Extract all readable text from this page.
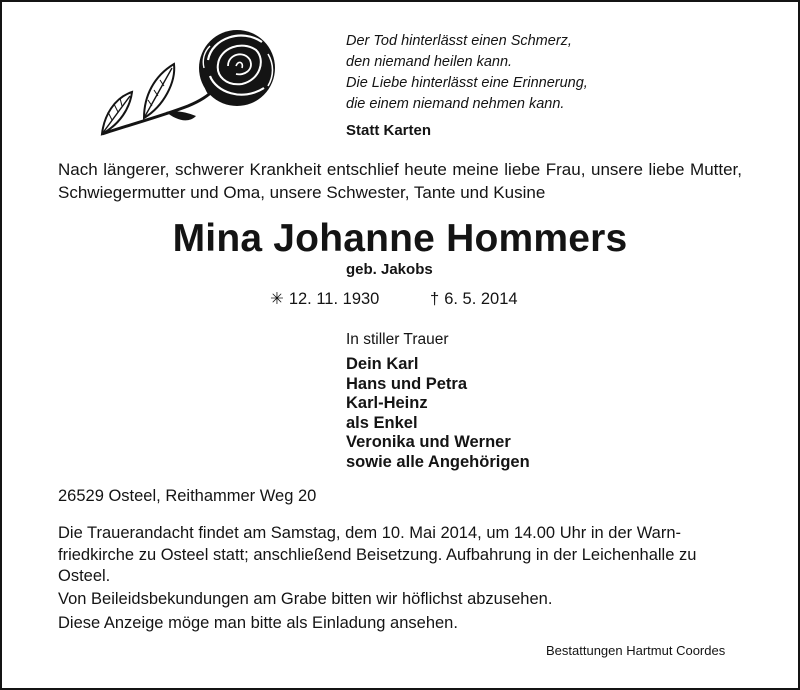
Der Tod hinterlässt einen Schmerz,
den niemand heilen kann.
Die Liebe hinterlässt eine Erinnerung,
die einem niemand nehmen kann.
Statt Karten
Nach längerer, schwerer Krankheit entschlief heute meine liebe Frau, unsere liebe Mutter, Schwiegermutter und Oma, unsere Schwester, Tante und Kusine
Mina Johanne Hommers
geb. Jakobs
✳ 12. 11. 1930	† 6. 5. 2014
In stiller Trauer
Dein Karl
Hans und Petra
Karl-Heinz
als Enkel
Veronika und Werner
sowie alle Angehörigen
26529 Osteel, Reithammer Weg 20
Die Trauerandacht findet am Samstag, dem 10. Mai 2014, um 14.00 Uhr in der Warn-friedkirche zu Osteel statt; anschließend Beisetzung. Aufbahrung in der Leichenhalle zu Osteel.
Von Beileidsbekundungen am Grabe bitten wir höflichst abzusehen.
Diese Anzeige möge man bitte als Einladung ansehen.
Bestattungen Hartmut Coordes
